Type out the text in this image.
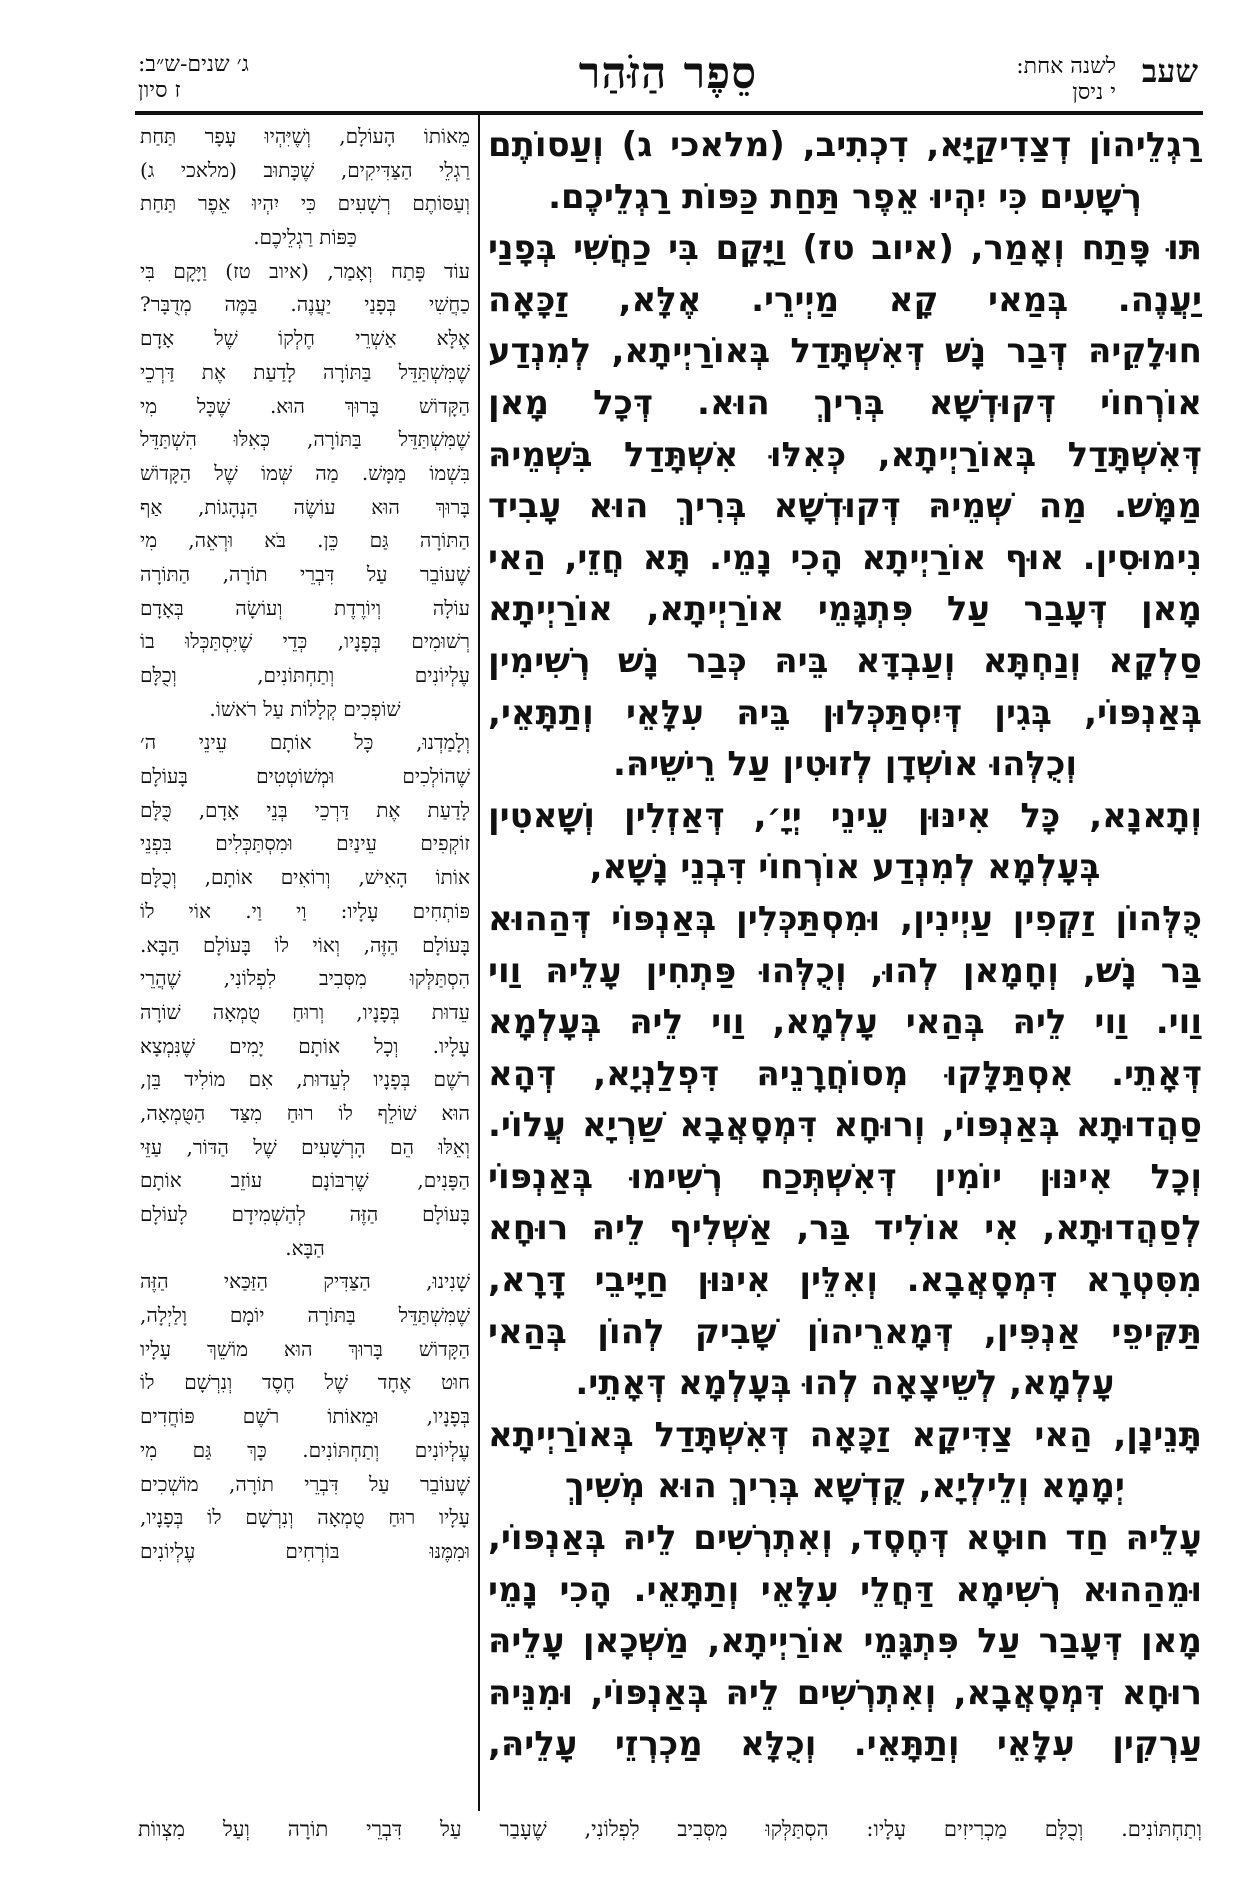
שעב
לשנה אחת:
י ניסן
סֵפֶר הַזֹּהַר
ג׳ שנים-ש״ב:
ז סיון
רַגְלֵיהוֹן דְצַדִיקַיָּא, דִכְתִיב, (מלאכי ג) וְעַסוֹתֶם
רְשָׁעִים כִּי יִהְיוּ אֵפֶר תַּחַת כַּפּוֹת רַגְלֵיכֶם.
תּוּ פָּתַח וְאָמַר, (איוב טז) וַיָּקָם בִּי כַחֲשִׁי בְּפָנַי
יַעֲנֶה. בְּמַאי קָא מַיְירֵי. אֶלָּא, זַכָּאָה
חוּלָקֵיהּ דְּבַר נָשׁ דְּאִשְׁתָּדַל בְּאוֹרַיְיתָא, לְמִנְדַע
אוֹרְחוֹי דְּקוּדְשָׁא בְּרִיךְ הוּא. דְּכָל מָאן
דְּאִשְׁתָּדַל בְּאוֹרַיְיתָא, כְּאִלּוּ אִשְׁתָּדַל בִּשְׁמֵיהּ
מַמָּשׁ. מַה שְּׁמֵיהּ דְּקוּדְשָׁא בְּרִיךְ הוּא עָבִיד
נִימוּסִין. אוּף אוֹרַיְיתָא הָכִי נָמֵי. תָּא חֲזֵי, הַאי
מָאן דְּעָבַר עַל פִּתְגָּמֵי אוֹרַיְיתָא, אוֹרַיְיתָא
סַלְקָא וְנַחְתָּא וְעַבְדָּא בֵּיהּ כְּבַר נָשׁ רְשִׁימִין
בְּאַנְפּוֹי, בְּגִין דְּיִסְתַּכְּלוּן בֵּיהּ עִלָּאֵי וְתַתָּאֵי,
וְכֻלְּהוּ אוֹשְׁדָן לְזוּטִין עַל רֵישֵׁיהּ.
וְתָאנָא, כָּל אִינּוּן עֵינֵי יְיָ׳, דְּאַזְלִין וְשָׁאטִין
בְּעָלְמָא לְמִנְדַע אוֹרְחוֹי דִּבְנֵי נָשָׁא,
כֻּלְּהוֹן זַקְפִין עַיְינִין, וּמִסְתַּכְּלִין בְּאַנְפּוֹי דְּהַהוּא
בַּר נָשׁ, וְחָמָאן לְהוּ, וְכֻלְּהוּ פַּתְחִין עָלֵיהּ וַוי
וַוי. וַוי לֵיהּ בְּהַאי עָלְמָא, וַוי לֵיהּ בְּעָלְמָא
דְּאָתֵי. אִסְתַּלָּקוּ מְסוֹחֲרָנֵיהּ דִּפְלַנְיָא, דְּהָא
סַהֲדוּתָא בְּאַנְפּוֹי, וְרוּחָא דִּמְסָאֲבָא שַׁרְיָא עֲלוֹי.
וְכָל אִינּוּן יוֹמִין דְּאִשְׁתְּכַח רְשִׁימוּ בְּאַנְפּוֹי
לְסַהֲדוּתָא, אִי אוֹלִיד בַּר, אַשְׁלִיף לֵיהּ רוּחָא
מִסִּטְרָא דִּמְסָאֲבָא. וְאִלֵּין אִינּוּן חַיָּיבֵי דָּרָא,
תַּקִּיפֵי אַנְפִּין, דְּמָארֵיהוֹן שָׁבִיק לְהוֹן בְּהַאי
עָלְמָא, לְשֵׁיצָאָה לְהוּ בְּעָלְמָא דְּאָתֵי.
תָּנֵינָן, הַאי צַדִּיקָא זַכָּאָה דְּאִשְׁתָּדַל בְּאוֹרַיְיתָא
יְמָמָא וְלֵילְיָא, קֻדְשָׁא בְּרִיךְ הוּא מְשִׁיךְ
עָלֵיהּ חַד חוּטָא דְּחֶסֶד, וְאִתְרְשִׁים לֵיהּ בְּאַנְפּוֹי,
וּמֵהַהוּא רְשִׁימָא דַּחֲלֵי עִלָּאֵי וְתַתָּאֵי. הָכִי נָמֵי
מָאן דְּעָבַר עַל פִּתְגָּמֵי אוֹרַיְיתָא, מַשְׁכָאן עָלֵיהּ
רוּחָא דִּמְסָאֲבָא, וְאִתְרְשִׁים לֵיהּ בְּאַנְפּוֹי, וּמִנֵּיהּ
עַרְקִין עִלָּאֵי וְתַתָּאֵי. וְכֻלָּא מַכְרְזֵי עָלֵיהּ,
מֵאוֹתוֹ הָעוֹלָם, וְשֶׁיִּהְיוּ עָפָר תַּחַת
רַגְלֵי הַצַּדִּיקִים, שֶׁכָּתוּב (מלאכי ג)
וְעַסּוֹתֶם רְשָׁעִים כִּי יִהְיוּ אֵפֶר תַּחַת
כַּפּוֹת רַגְלֵיכֶם.
עוֹד פָּתַח וְאָמַר, (איוב טז) וַיָּקָם בִּי
כַחֲשִׁי בְּפָנַי יַעֲנֶה. בַּמֶּה מְדֻבָּר?
אֶלָּא אַשְׁרֵי חֶלְקוֹ שֶׁל אָדָם
שֶׁמִּשְׁתַּדֵּל בַּתּוֹרָה לָדַעַת אֶת דַּרְכֵי
הַקָּדוֹשׁ בָּרוּךְ הוּא. שֶׁכָּל מִי
שֶׁמִּשְׁתַּדֵּל בַּתּוֹרָה, כְּאִלּוּ הִשְׁתַּדֵּל
בִּשְׁמוֹ מַמָּשׁ. מַה שְּׁמוֹ שֶׁל הַקָּדוֹשׁ
בָּרוּךְ הוּא עוֹשֶׂה הַנְהָגוֹת, אַף
הַתּוֹרָה גַּם כֵּן. בֹּא וּרְאֵה, מִי
שֶׁעוֹבֵר עַל דִּבְרֵי תוֹרָה, הַתּוֹרָה
עוֹלָה וְיוֹרֶדֶת וְעוֹשָׂה בְּאָדָם
רְשׁוּמִים בְּפָנָיו, כְּדֵי שֶׁיִּסְתַּכְּלוּ בוֹ
עֶלְיוֹנִים וְתַחְתּוֹנִים, וְכֻלָּם
שׁוֹפְכִים קְלָלוֹת עַל רֹאשׁוֹ.
וְלָמַדְנוּ, כָּל אוֹתָם עֵינֵי ה׳
שֶׁהוֹלְכִים וּמְשׁוֹטְטִים בָּעוֹלָם
לָדַעַת אֶת דַּרְכֵי בְּנֵי אָדָם, כֻּלָּם
זוֹקְפִים עֵינַיִם וּמִסְתַּכְּלִים בִּפְנֵי
אוֹתוֹ הָאִישׁ, וְרוֹאִים אוֹתָם, וְכֻלָּם
פּוֹתְחִים עָלָיו: וַי וַי. אוֹי לוֹ
בָּעוֹלָם הַזֶּה, וְאוֹי לוֹ בָּעוֹלָם הַבָּא.
הִסְתַּלְּקוּ מִסְּבִיב לִפְלוֹנִי, שֶׁהֲרֵי
עֵדוּת בְּפָנָיו, וְרוּחַ טֻמְאָה שׁוֹרָה
עָלָיו. וְכָל אוֹתָם יָמִים שֶׁנִּמְצָא
רֹשֶׁם בְּפָנָיו לְעֵדוּת, אִם מוֹלִיד בֵּן,
הוּא שׁוֹלֵף לוֹ רוּחַ מִצַּד הַטֻּמְאָה,
וְאֵלּוּ הֵם הָרְשָׁעִים שֶׁל הַדּוֹר, עַזֵּי
הַפָּנִים, שֶׁרִבּוֹנָם עוֹזֵב אוֹתָם
בָּעוֹלָם הַזֶּה לְהַשְׁמִידָם לָעוֹלָם
הַבָּא.
שָׁנִינוּ, הַצַּדִּיק הַזַּכַּאי הַזֶּה
שֶׁמִּשְׁתַּדֵּל בַּתּוֹרָה יוֹמָם וָלַיְלָה,
הַקָּדוֹשׁ בָּרוּךְ הוּא מוֹשֵׁךְ עָלָיו
חוּט אֶחָד שֶׁל חֶסֶד וְנִרְשָׁם לוֹ
בְּפָנָיו, וּמֵאוֹתוֹ רֹשֶׁם פּוֹחֲדִים
עֶלְיוֹנִים וְתַחְתּוֹנִים. כָּךְ גַּם מִי
שֶׁעוֹבֵר עַל דִּבְרֵי תוֹרָה, מוֹשְׁכִים
עָלָיו רוּחַ טֻמְאָה וְנִרְשָׁם לוֹ בְּפָנָיו,
וּמִמֶּנּוּ בּוֹרְחִים עֶלְיוֹנִים
וְתַחְתּוֹנִים. וְכֻלָּם מַכְרִיזִים עָלָיו: הִסְתַּלְּקוּ מִסְּבִיב לִפְלוֹנִי, שֶׁעָבַר עַל דִּבְרֵי תוֹרָה וְעַל מִצְווֹת
